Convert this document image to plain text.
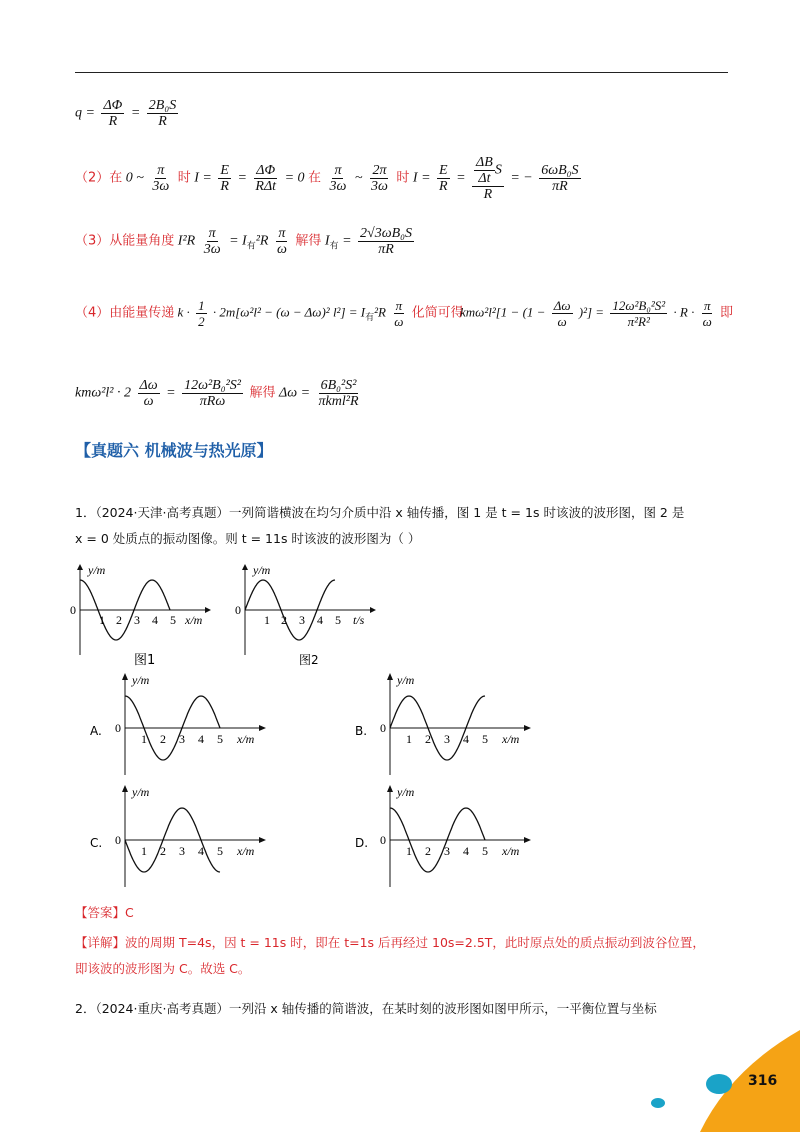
$q = \frac{\Delta\Phi}{R} = \frac{\text{2B₀S}}{R}$
（2）在 0 ~ $\frac{\pi}{3\omega}$ 时 $I = \frac{E}{R} = \frac{\Delta\Phi}{\text{RΔt}} = 0$ 在 $\frac{\pi}{3\omega}$ ~ $\frac{2\pi}{3\omega}$ 时 $I = \frac{E}{R} = \frac{\frac{\Delta B}{\Delta t} S}{R}$ = − $\frac{\text{6ωB₀S}}{\pi R}$
（3）从能量角度 $I^2R \frac{\pi}{3\omega} = I_有^2R \frac{\pi}{\omega}$ 解得 $I_有 = \frac{\text{2√3ωB₀S}}{\pi R}$
（4）由能量传递 $k \cdot \frac{1}{2} \cdot 2m[\omega^2l^2 - (\omega - \Delta\omega)^2$ $l^2] = I_有^2R \frac{\pi}{\omega}$ 化简可得
$km\omega^2l^2[1 - (1 - \frac{\Delta\omega}{\omega} )^2] = \frac{\text{12ω²B₀²S²}}{\text{π²R²}} \cdot R \cdot \frac{\pi}{\omega}$ 即
$km\omega^2l^2 \cdot 2 \frac{\Delta\omega}{\omega} = \frac{\text{12ω²B₀²S²}}{\text{πRω}}$ 解得 $\Delta\omega = \frac{\text{6B₀²S²}}{\text{πkml²R}}$
【真题六 机械波与热光原】
1．（2024·天津·高考真题）一列简谐横波在均匀介质中沿 x 轴传播，图 1 是 t = 1s 时该波的波形图，图 2 是
x = 0 处质点的振动图像。则 t = 11s 时该波的波形图为（ ）
y/m
0
1 2 3 4 5 x/m
图1
y/m
0
1 2 3 4 5 t/s
图2
A.
y/m
0
1 2 3 4 5 x/m
B.
y/m
0
1 2 3 4 5 x/m
C.
y/m
0
1 2 3 4 5 x/m
D.
y/m
0
1 2 3 4 5 x/m
【答案】C
【详解】波的周期 T=4s，因 t = 11s 时，即在 t=1s 后再经过 10s=2.5T，此时原点处的质点振动到波谷位置，
即该波的波形图为 C。故选 C。
2．（2024·重庆·高考真题）一列沿 x 轴传播的简谐波，在某时刻的波形图如图甲所示，一平衡位置与坐标
316
